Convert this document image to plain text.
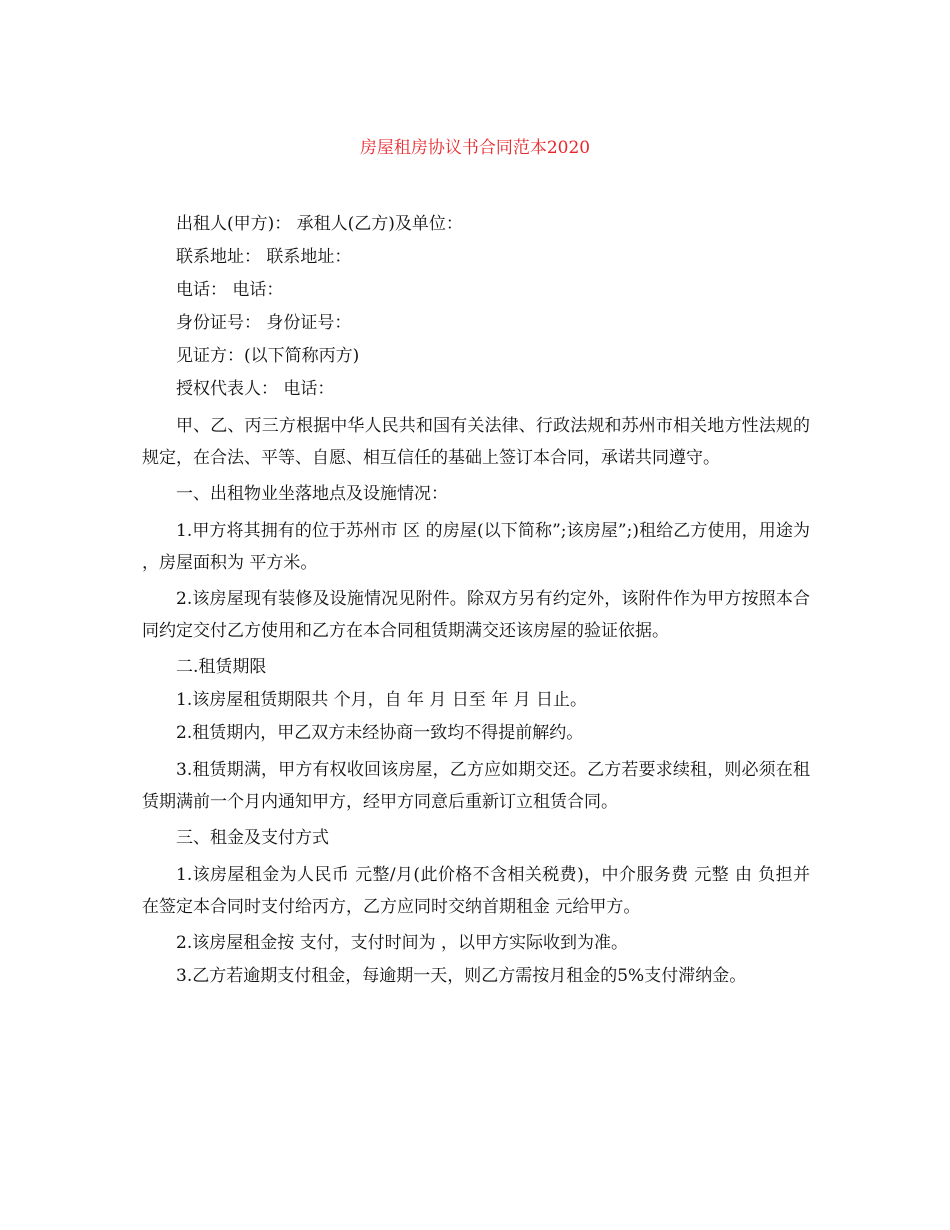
房屋租房协议书合同范本2020

出租人(甲方)： 承租人(乙方)及单位：

联系地址： 联系地址：

电话： 电话：

身份证号： 身份证号：

见证方：(以下简称丙方)

授权代表人： 电话：

甲、乙、丙三方根据中华人民共和国有关法律、行政法规和苏州市相关地方性法规的规定，在合法、平等、自愿、相互信任的基础上签订本合同，承诺共同遵守。

一、出租物业坐落地点及设施情况：

1.甲方将其拥有的位于苏州市 区 的房屋(以下简称”;该房屋”;)租给乙方使用，用途为 ，房屋面积为 平方米。

2.该房屋现有装修及设施情况见附件。除双方另有约定外，该附件作为甲方按照本合同约定交付乙方使用和乙方在本合同租赁期满交还该房屋的验证依据。

二.租赁期限

1.该房屋租赁期限共 个月，自 年 月 日至 年 月 日止。

2.租赁期内，甲乙双方未经协商一致均不得提前解约。

3.租赁期满，甲方有权收回该房屋，乙方应如期交还。乙方若要求续租，则必须在租赁期满前一个月内通知甲方，经甲方同意后重新订立租赁合同。

三、租金及支付方式

1.该房屋租金为人民币 元整/月(此价格不含相关税费)，中介服务费 元整 由 负担并在签定本合同时支付给丙方，乙方应同时交纳首期租金 元给甲方。

2.该房屋租金按 支付，支付时间为 ，以甲方实际收到为准。

3.乙方若逾期支付租金，每逾期一天，则乙方需按月租金的5%支付滞纳金。
